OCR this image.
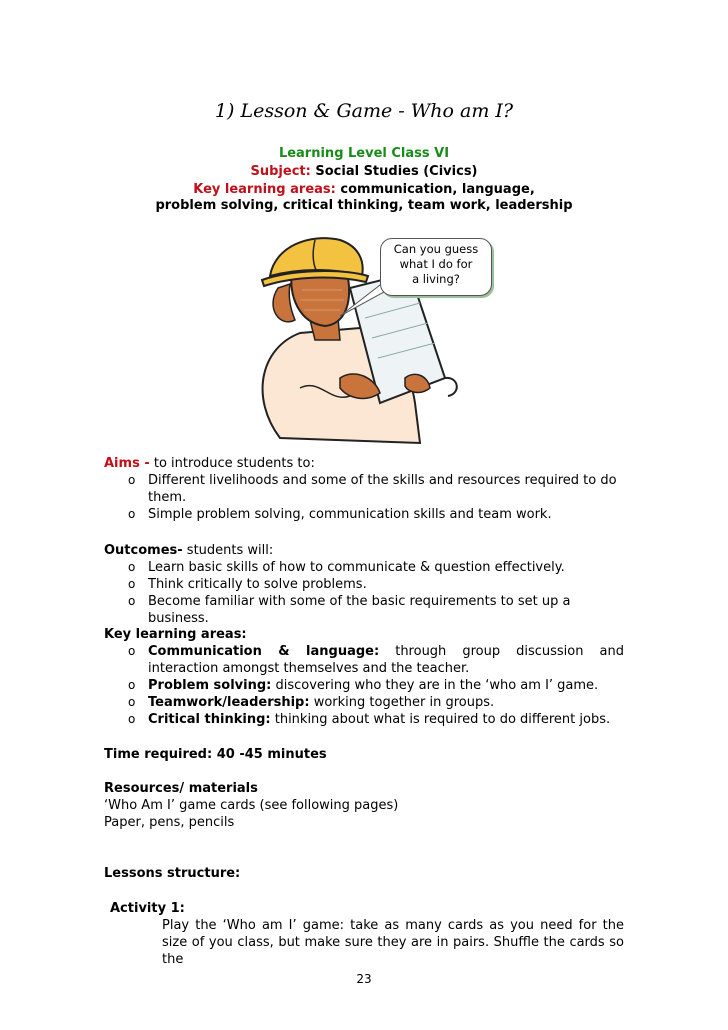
1) Lesson & Game - Who am I?
Learning Level Class VI
Subject: Social Studies (Civics)
Key learning areas: communication, language,
problem solving, critical thinking, team work, leadership
Can you guess
what I do for
a living?
Aims - to introduce students to:
o Different livelihoods and some of the skills and resources required to do them.
o Simple problem solving, communication skills and team work.
Outcomes- students will:
o Learn basic skills of how to communicate & question effectively.
o Think critically to solve problems.
o Become familiar with some of the basic requirements to set up a business.
Key learning areas:
o Communication & language: through group discussion and interaction amongst themselves and the teacher.
o Problem solving: discovering who they are in the ‘who am I’ game.
o Teamwork/leadership: working together in groups.
o Critical thinking: thinking about what is required to do different jobs.
Time required: 40 -45 minutes
Resources/ materials
‘Who Am I’ game cards (see following pages)
Paper, pens, pencils
Lessons structure:
Activity 1:
Play the ‘Who am I’ game: take as many cards as you need for the size of you class, but make sure they are in pairs. Shuffle the cards so the
23
